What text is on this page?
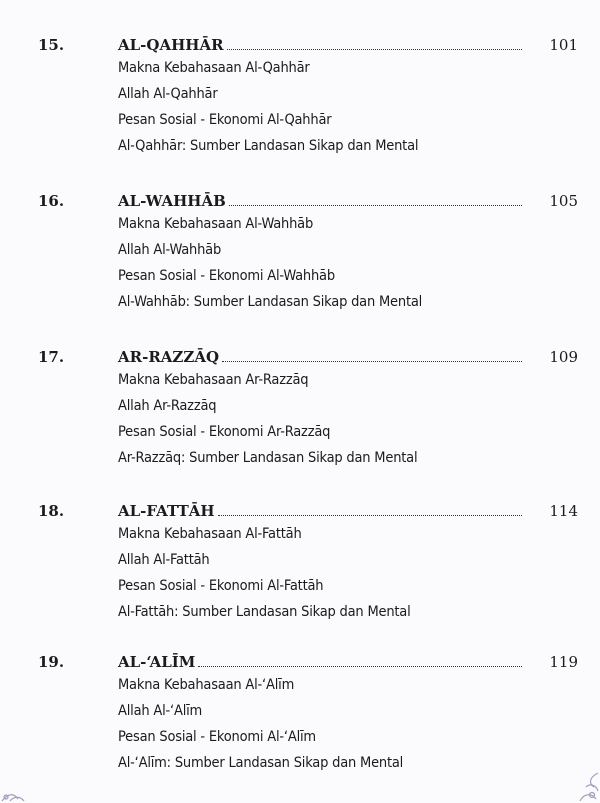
15.	AL-QAHHĀR	101
Makna Kebahasaan Al-Qahhār
Allah Al-Qahhār
Pesan Sosial - Ekonomi Al-Qahhār
Al-Qahhār: Sumber Landasan Sikap dan Mental
16.	AL-WAHHĀB	105
Makna Kebahasaan Al-Wahhāb
Allah Al-Wahhāb
Pesan Sosial - Ekonomi Al-Wahhāb
Al-Wahhāb: Sumber Landasan Sikap dan Mental
17.	AR-RAZZĀQ	109
Makna Kebahasaan Ar-Razzāq
Allah Ar-Razzāq
Pesan Sosial - Ekonomi Ar-Razzāq
Ar-Razzāq: Sumber Landasan Sikap dan Mental
18.	AL-FATTĀH	114
Makna Kebahasaan Al-Fattāh
Allah Al-Fattāh
Pesan Sosial - Ekonomi Al-Fattāh
Al-Fattāh: Sumber Landasan Sikap dan Mental
19.	AL-‘ALĪM	119
Makna Kebahasaan Al-‘Alīm
Allah Al-‘Alīm
Pesan Sosial - Ekonomi Al-‘Alīm
Al-‘Alīm: Sumber Landasan Sikap dan Mental
